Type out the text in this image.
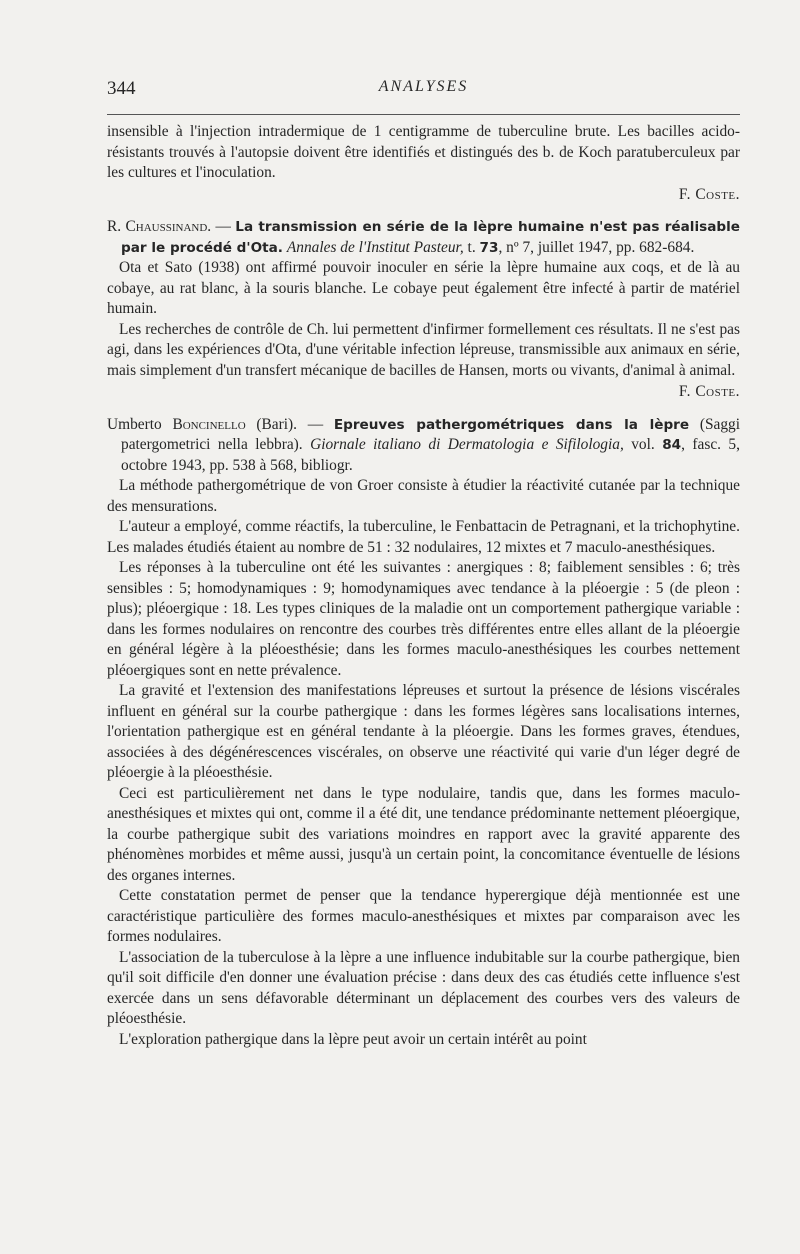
344	ANALYSES

insensible à l'injection intradermique de 1 centigramme de tuberculine brute. Les bacilles acido-résistants trouvés à l'autopsie doivent être identifiés et distingués des b. de Koch paratuberculeux par les cultures et l'inoculation.

F. Coste.

R. Chaussinand. — La transmission en série de la lèpre humaine n'est pas réalisable par le procédé d'Ota. Annales de l'Institut Pasteur, t. 73, nº 7, juillet 1947, pp. 682-684.

Ota et Sato (1938) ont affirmé pouvoir inoculer en série la lèpre humaine aux coqs, et de là au cobaye, au rat blanc, à la souris blanche. Le cobaye peut également être infecté à partir de matériel humain.

Les recherches de contrôle de Ch. lui permettent d'infirmer formellement ces résultats. Il ne s'est pas agi, dans les expériences d'Ota, d'une véritable infection lépreuse, transmissible aux animaux en série, mais simplement d'un transfert mécanique de bacilles de Hansen, morts ou vivants, d'animal à animal.

F. Coste.

Umberto Boncinello (Bari). — Epreuves pathergométriques dans la lèpre (Saggi patergometrici nella lebbra). Giornale italiano di Dermatologia e Sifilologia, vol. 84, fasc. 5, octobre 1943, pp. 538 à 568, bibliogr.

La méthode pathergométrique de von Groer consiste à étudier la réactivité cutanée par la technique des mensurations.

L'auteur a employé, comme réactifs, la tuberculine, le Fenbattacin de Petragnani, et la trichophytine. Les malades étudiés étaient au nombre de 51 : 32 nodulaires, 12 mixtes et 7 maculo-anesthésiques.

Les réponses à la tuberculine ont été les suivantes : anergiques : 8; faiblement sensibles : 6; très sensibles : 5; homodynamiques : 9; homodynamiques avec tendance à la pléoergie : 5 (de pleon : plus); pléoergique : 18. Les types cliniques de la maladie ont un comportement pathergique variable : dans les formes nodulaires on rencontre des courbes très différentes entre elles allant de la pléoergie en général légère à la pléoesthésie; dans les formes maculo-anesthésiques les courbes nettement pléoergiques sont en nette prévalence.

La gravité et l'extension des manifestations lépreuses et surtout la présence de lésions viscérales influent en général sur la courbe pathergique : dans les formes légères sans localisations internes, l'orientation pathergique est en général tendante à la pléoergie. Dans les formes graves, étendues, associées à des dégénérescences viscérales, on observe une réactivité qui varie d'un léger degré de pléoergie à la pléoesthésie.

Ceci est particulièrement net dans le type nodulaire, tandis que, dans les formes maculo-anesthésiques et mixtes qui ont, comme il a été dit, une tendance prédominante nettement pléoergique, la courbe pathergique subit des variations moindres en rapport avec la gravité apparente des phénomènes morbides et même aussi, jusqu'à un certain point, la concomitance éventuelle de lésions des organes internes.

Cette constatation permet de penser que la tendance hyperergique déjà mentionnée est une caractéristique particulière des formes maculo-anesthésiques et mixtes par comparaison avec les formes nodulaires.

L'association de la tuberculose à la lèpre a une influence indubitable sur la courbe pathergique, bien qu'il soit difficile d'en donner une évaluation précise : dans deux des cas étudiés cette influence s'est exercée dans un sens défavorable déterminant un déplacement des courbes vers des valeurs de pléoesthésie.

L'exploration pathergique dans la lèpre peut avoir un certain intérêt au point
